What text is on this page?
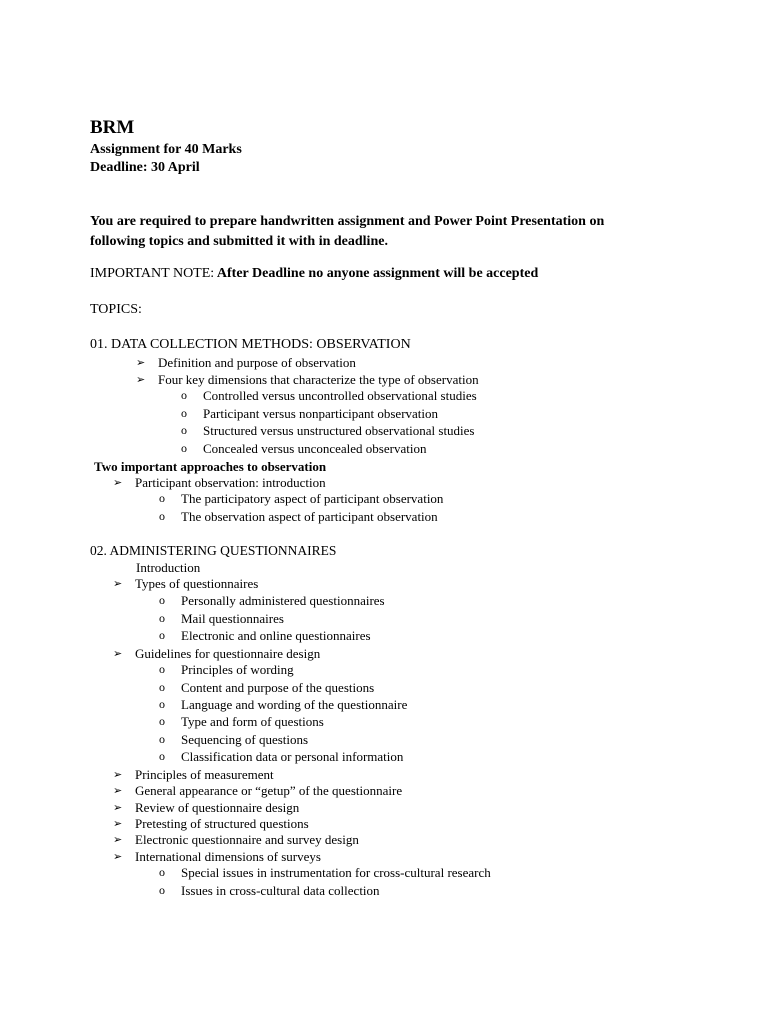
BRM
Assignment for 40 Marks
Deadline: 30 April
You are required to prepare handwritten assignment and Power Point Presentation on
following topics and submitted it with in deadline.
IMPORTANT NOTE: After Deadline no anyone assignment will be accepted
TOPICS:
01. DATA COLLECTION METHODS: OBSERVATION
➢ Definition and purpose of observation
➢ Four key dimensions that characterize the type of observation
o Controlled versus uncontrolled observational studies
o Participant versus nonparticipant observation
o Structured versus unstructured observational studies
o Concealed versus unconcealed observation
Two important approaches to observation
➢ Participant observation: introduction
o The participatory aspect of participant observation
o The observation aspect of participant observation
02. ADMINISTERING QUESTIONNAIRES
Introduction
➢ Types of questionnaires
o Personally administered questionnaires
o Mail questionnaires
o Electronic and online questionnaires
➢ Guidelines for questionnaire design
o Principles of wording
o Content and purpose of the questions
o Language and wording of the questionnaire
o Type and form of questions
o Sequencing of questions
o Classification data or personal information
➢ Principles of measurement
➢ General appearance or “getup” of the questionnaire
➢ Review of questionnaire design
➢ Pretesting of structured questions
➢ Electronic questionnaire and survey design
➢ International dimensions of surveys
o Special issues in instrumentation for cross-cultural research
o Issues in cross-cultural data collection
